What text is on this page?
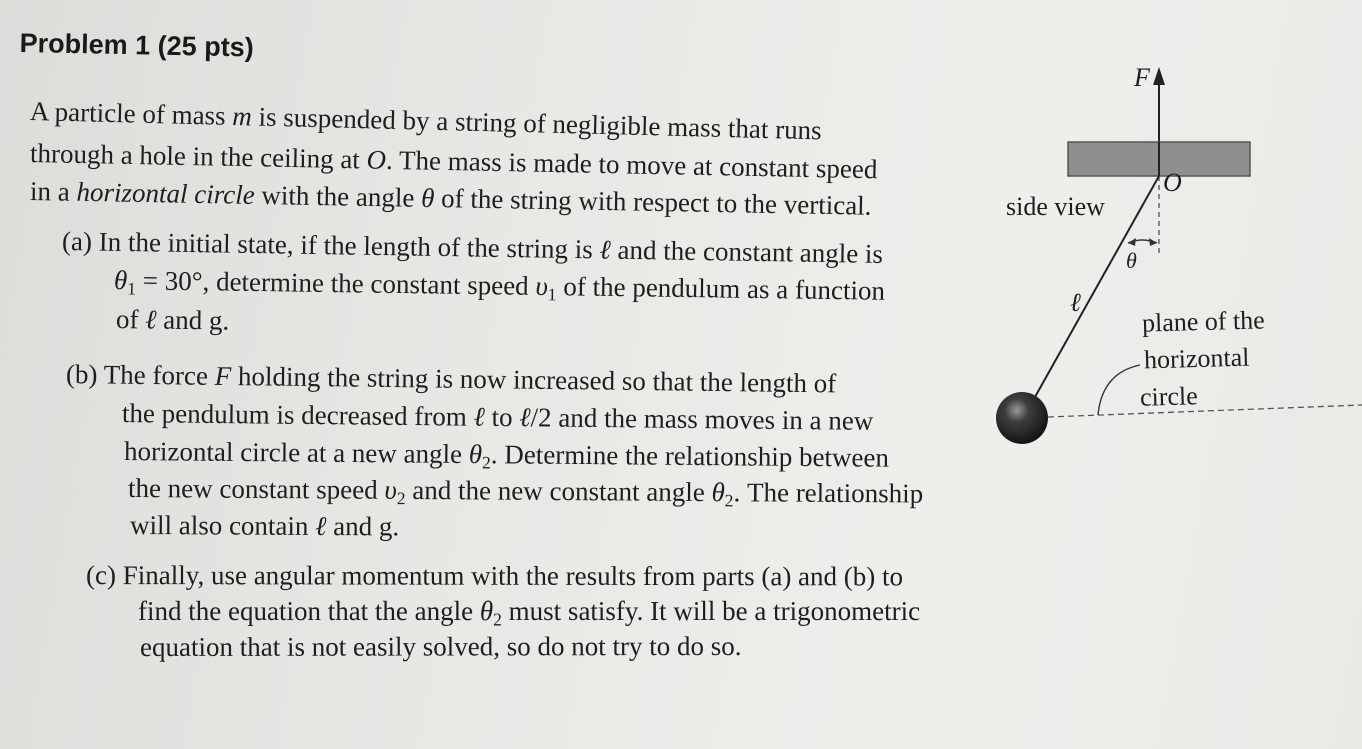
Problem 1 (25 pts)
A particle of mass m is suspended by a string of negligible mass that runs
through a hole in the ceiling at O. The mass is made to move at constant speed
in a horizontal circle with the angle θ of the string with respect to the vertical.
(a) In the initial state, if the length of the string is ℓ and the constant angle is
$\theta_1 = 30^\circ$, determine the constant speed $\upsilon_1$ of the pendulum as a function
of ℓ and g.
(b) The force F holding the string is now increased so that the length of
the pendulum is decreased from ℓ to ℓ/2 and the mass moves in a new
horizontal circle at a new angle $\theta_2$. Determine the relationship between
the new constant speed $\upsilon_2$ and the new constant angle $\theta_2$. The relationship
will also contain ℓ and g.
(c) Finally, use angular momentum with the results from parts (a) and (b) to
find the equation that the angle $\theta_2$ must satisfy. It will be a trigonometric
equation that is not easily solved, so do not try to do so.
F
O
side view
θ
ℓ
plane of the
horizontal
circle
